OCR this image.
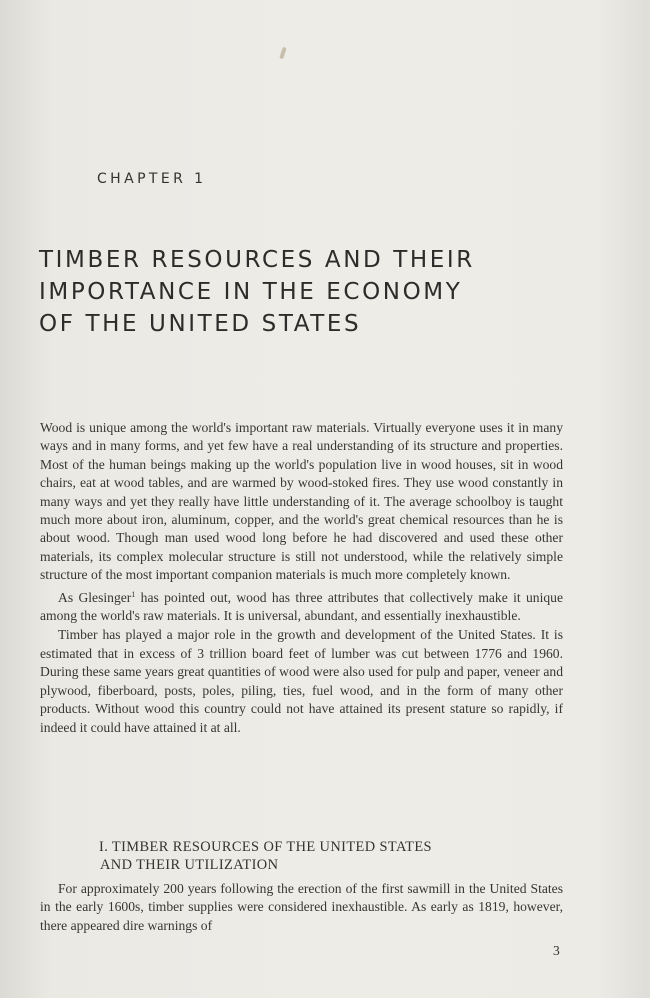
CHAPTER 1
TIMBER RESOURCES AND THEIR
IMPORTANCE IN THE ECONOMY
OF THE UNITED STATES

Wood is unique among the world's important raw materials. Virtually everyone uses it in many ways and in many forms, and yet few have a real understanding of its structure and properties. Most of the human beings making up the world's population live in wood houses, sit in wood chairs, eat at wood tables, and are warmed by wood-stoked fires. They use wood constantly in many ways and yet they really have little understanding of it. The average schoolboy is taught much more about iron, aluminum, copper, and the world's great chemical resources than he is about wood. Though man used wood long before he had discovered and used these other materials, its complex molecular structure is still not understood, while the relatively simple structure of the most important companion materials is much more completely known.

As Glesinger$^1$ has pointed out, wood has three attributes that collectively make it unique among the world's raw materials. It is universal, abundant, and essentially inexhaustible.

Timber has played a major role in the growth and development of the United States. It is estimated that in excess of 3 trillion board feet of lumber was cut between 1776 and 1960. During these same years great quantities of wood were also used for pulp and paper, veneer and plywood, fiberboard, posts, poles, piling, ties, fuel wood, and in the form of many other products. Without wood this country could not have attained its present stature so rapidly, if indeed it could have attained it at all.

I. TIMBER RESOURCES OF THE UNITED STATES
AND THEIR UTILIZATION

For approximately 200 years following the erection of the first sawmill in the United States in the early 1600s, timber supplies were considered inexhaustible. As early as 1819, however, there appeared dire warnings of

3
